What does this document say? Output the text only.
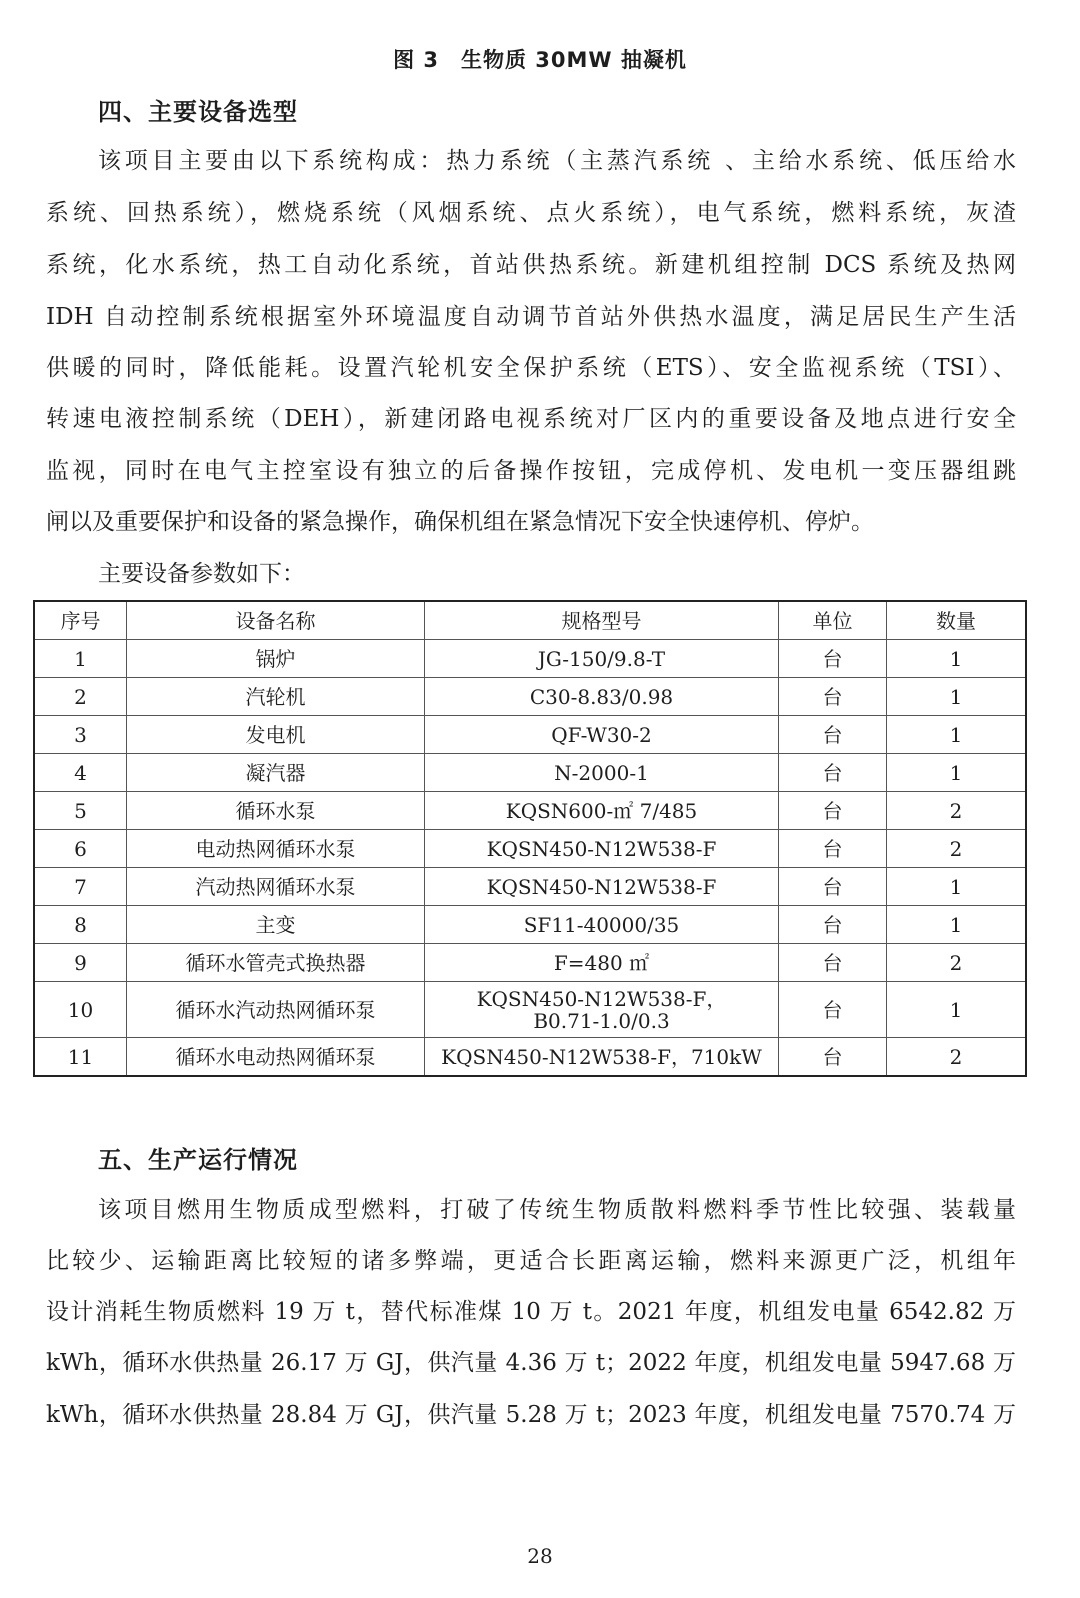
图 3　生物质 30MW 抽凝机
四、主要设备选型
该项目主要由以下系统构成：热力系统（主蒸汽系统 、主给水系统、低压给水
系统、回热系统），燃烧系统（风烟系统、点火系统），电气系统，燃料系统，灰渣
系统，化水系统，热工自动化系统，首站供热系统。新建机组控制 DCS 系统及热网
IDH 自动控制系统根据室外环境温度自动调节首站外供热水温度，满足居民生产生活
供暖的同时，降低能耗。设置汽轮机安全保护系统（ETS）、安全监视系统（TSI）、
转速电液控制系统（DEH），新建闭路电视系统对厂区内的重要设备及地点进行安全
监视，同时在电气主控室设有独立的后备操作按钮，完成停机、发电机一变压器组跳
闸以及重要保护和设备的紧急操作，确保机组在紧急情况下安全快速停机、停炉。
主要设备参数如下：
序号	设备名称	规格型号	单位	数量
1	锅炉	JG-150/9.8-T	台	1
2	汽轮机	C30-8.83/0.98	台	1
3	发电机	QF-W30-2	台	1
4	凝汽器	N-2000-1	台	1
5	循环水泵	KQSN600-㎡ 7/485	台	2
6	电动热网循环水泵	KQSN450-N12W538-F	台	2
7	汽动热网循环水泵	KQSN450-N12W538-F	台	1
8	主变	SF11-40000/35	台	1
9	循环水管壳式换热器	F=480 ㎡	台	2
10	循环水汽动热网循环泵	KQSN450-N12W538-F，
B0.71-1.0/0.3	台	1
11	循环水电动热网循环泵	KQSN450-N12W538-F，710kW	台	2
五、生产运行情况
该项目燃用生物质成型燃料，打破了传统生物质散料燃料季节性比较强、装载量
比较少、运输距离比较短的诸多弊端，更适合长距离运输，燃料来源更广泛，机组年
设计消耗生物质燃料 19 万 t，替代标准煤 10 万 t。2021 年度，机组发电量 6542.82 万
kWh，循环水供热量 26.17 万 GJ，供汽量 4.36 万 t；2022 年度，机组发电量 5947.68 万
kWh，循环水供热量 28.84 万 GJ，供汽量 5.28 万 t；2023 年度，机组发电量 7570.74 万
28
